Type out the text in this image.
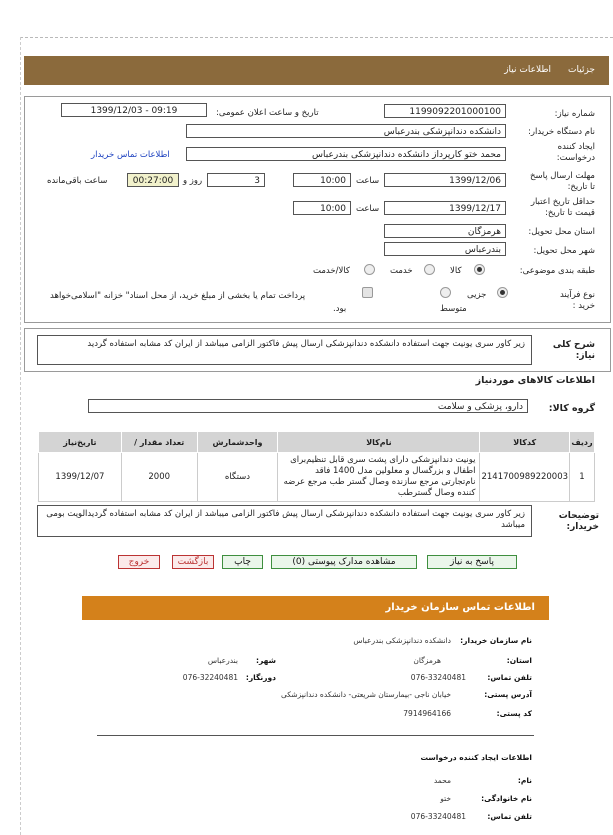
جزئیات
اطلاعات نیاز
شماره نیاز:
1199092201000100
تاریخ و ساعت اعلان عمومی:
1399/12/03 - 09:19
نام دستگاه خریدار:
دانشکده دندانپزشکی بندرعباس
ایجاد کننده
درخواست:
محمد ختو کارپرداز دانشکده دندانپزشکی بندرعباس
اطلاعات تماس خریدار
مهلت ارسال پاسخ
تا تاریخ:
1399/12/06
ساعت
10:00
3
روز و
00:27:00
ساعت باقی‌مانده
حداقل تاریخ اعتبار
قیمت تا تاریخ:
1399/12/17
ساعت
10:00
استان محل تحویل:
هرمزگان
شهر محل تحویل:
بندرعباس
طبقه بندی موضوعی:
کالا
خدمت
کالا/خدمت
نوع فرآیند
خرید :
جزیی
متوسط
پرداخت تمام یا بخشی از مبلغ خرید، از محل اسناد" خزانه "اسلامی‌خواهد
بود.
شرح کلی نیاز:
زیر کاور سری یونیت جهت استفاده دانشکده دندانپزشکی ارسال پیش فاکتور الزامی میباشد از ایران کد مشابه استفاده گردید
اطلاعات کالاهای موردنیاز
گروه کالا:
دارو، پزشکی و سلامت
ردیف	کدکالا	نام‌کالا	واحد‌شمارش	تعداد مقدار /	تاریخ‌نیاز
1	2141700989220003	یونیت دندانپزشکی دارای پشت سری قابل تنظیم‌برای اطفال و بزرگسال و معلولین مدل 1400 فاقد نام‌تجارتی مرجع سازنده وصال گستر طب مرجع عرضه کننده وصال گسترطب	دستگاه	2000	1399/12/07
توضیحات خریدار:
زیر کاور سری یونیت جهت استفاده دانشکده دندانپزشکی ارسال پیش فاکتور الزامی میباشد از ایران کد مشابه استفاده گردیدالویت بومی میباشد
پاسخ به نیاز
مشاهده مدارک پیوستی (0)
چاپ
بازگشت
خروج
اطلاعات تماس سازمان خریدار
نام سازمان خریدار:
دانشکده دندانپزشکی بندرعباس
استان:
هرمزگان
شهر:
بندرعباس
تلفن تماس:
076-33240481
دورنگار:
076-32240481
آدرس پستی:
خیابان ناجی -بیمارستان شریعتی- دانشکده دندانپزشکی
کد پستی:
7914964166
اطلاعات ایجاد کننده درخواست
نام:
محمد
نام خانوادگی:
ختو
تلفن تماس:
076-33240481
